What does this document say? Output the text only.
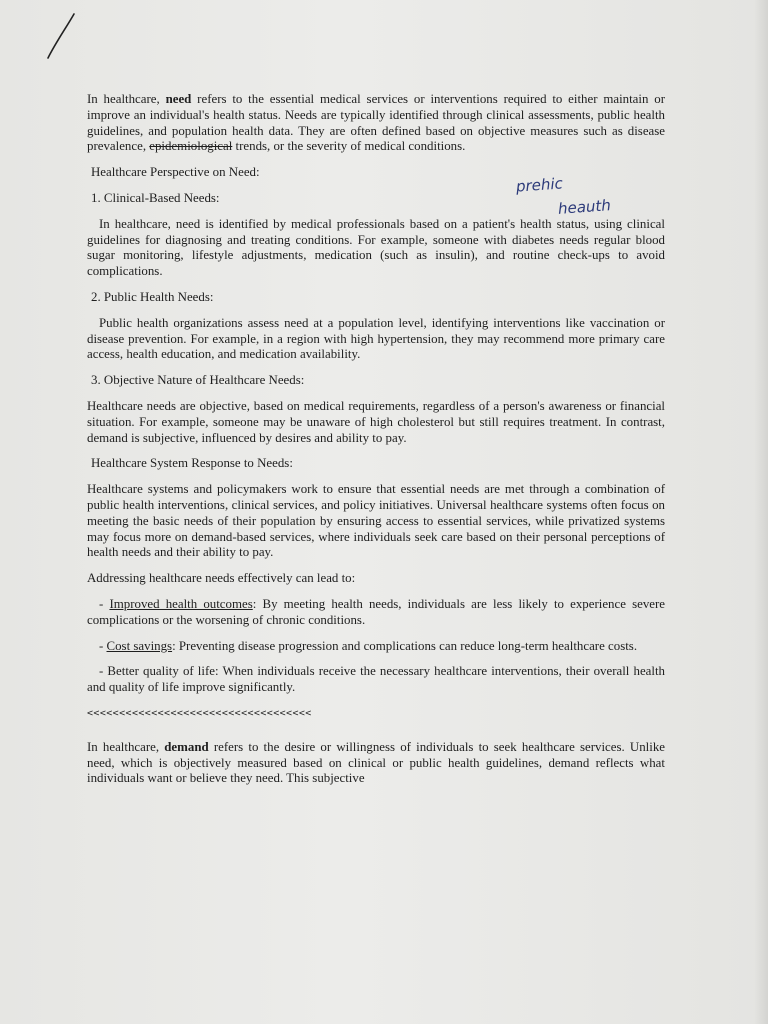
prehic
heauth

In healthcare, need refers to the essential medical services or interventions required to either maintain or improve an individual's health status. Needs are typically identified through clinical assessments, public health guidelines, and population health data. They are often defined based on objective measures such as disease prevalence, epidemiological trends, or the severity of medical conditions.

Healthcare Perspective on Need:

1. Clinical-Based Needs:

In healthcare, need is identified by medical professionals based on a patient's health status, using clinical guidelines for diagnosing and treating conditions. For example, someone with diabetes needs regular blood sugar monitoring, lifestyle adjustments, medication (such as insulin), and routine check-ups to avoid complications.

2. Public Health Needs:

Public health organizations assess need at a population level, identifying interventions like vaccination or disease prevention. For example, in a region with high hypertension, they may recommend more primary care access, health education, and medication availability.

3. Objective Nature of Healthcare Needs:

Healthcare needs are objective, based on medical requirements, regardless of a person's awareness or financial situation. For example, someone may be unaware of high cholesterol but still requires treatment. In contrast, demand is subjective, influenced by desires and ability to pay.

Healthcare System Response to Needs:

Healthcare systems and policymakers work to ensure that essential needs are met through a combination of public health interventions, clinical services, and policy initiatives. Universal healthcare systems often focus on meeting the basic needs of their population by ensuring access to essential services, while privatized systems may focus more on demand-based services, where individuals seek care based on their personal perceptions of health needs and their ability to pay.

Addressing healthcare needs effectively can lead to:

- Improved health outcomes: By meeting health needs, individuals are less likely to experience severe complications or the worsening of chronic conditions.

- Cost savings: Preventing disease progression and complications can reduce long-term healthcare costs.

- Better quality of life: When individuals receive the necessary healthcare interventions, their overall health and quality of life improve significantly.

<<<<<<<<<<<<<<<<<<<<<<<<<<<<<<<<<<<

In healthcare, demand refers to the desire or willingness of individuals to seek healthcare services. Unlike need, which is objectively measured based on clinical or public health guidelines, demand reflects what individuals want or believe they need. This subjective
